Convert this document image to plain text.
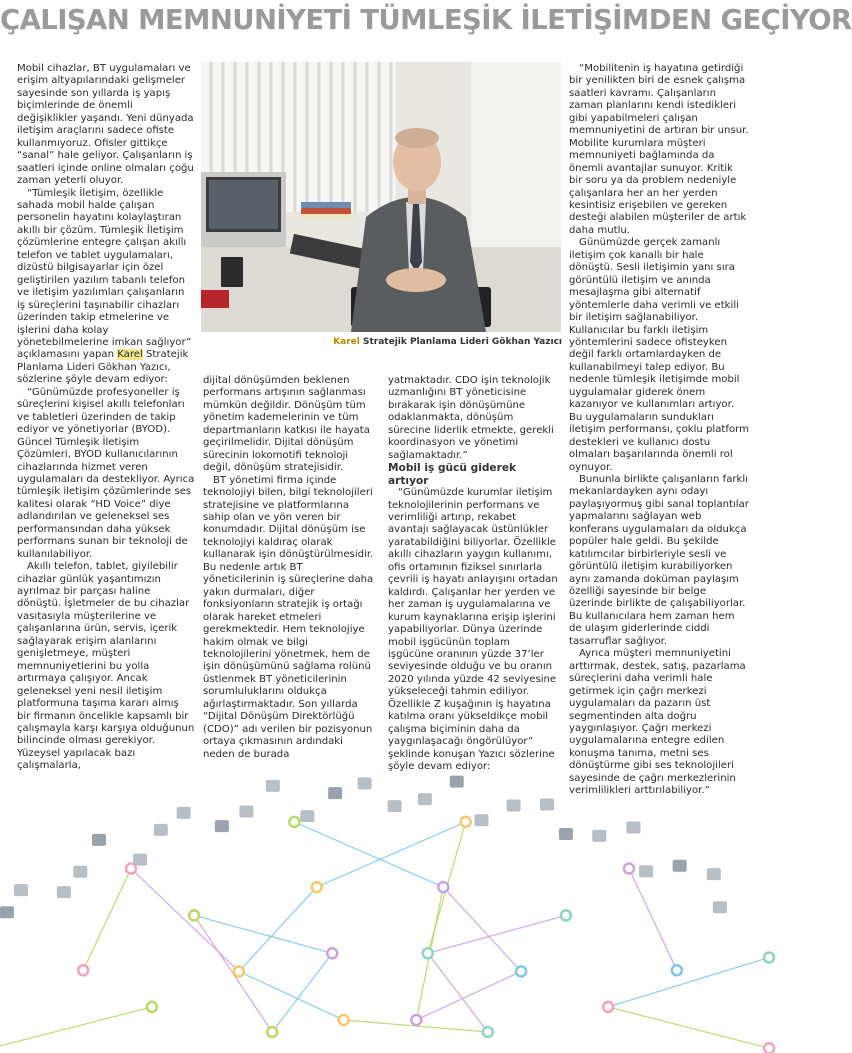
ÇALIŞAN MEMNUNİYETİ TÜMLEŞİK İLETİŞİMDEN GEÇİYOR

Mobil cihazlar, BT uygulamaları ve erişim altyapılarındaki gelişmeler sayesinde son yıllarda iş yapış biçimlerinde de önemli değişiklikler yaşandı. Yeni dünyada iletişim araçlarını sadece ofiste kullanmıyoruz. Ofisler gittikçe “sanal” hale geliyor. Çalışanların iş saatleri içinde online olmaları çoğu zaman yeterli oluyor.

“Tümleşik İletişim, özellikle sahada mobil halde çalışan personelin hayatını kolaylaştıran akıllı bir çözüm. Tümleşik İletişim çözümlerine entegre çalışan akıllı telefon ve tablet uygulamaları, dizüstü bilgisayarlar için özel geliştirilen yazılım tabanlı telefon ve iletişim yazılımları çalışanların iş süreçlerini taşınabilir cihazları üzerinden takip etmelerine ve işlerini daha kolay yönetebilmelerine imkan sağlıyor” açıklamasını yapan Karel Stratejik Planlama Lideri Gökhan Yazıcı, sözlerine şöyle devam ediyor:

“Günümüzde profesyoneller iş süreçlerini kişisel akıllı telefonları ve tabletleri üzerinden de takip ediyor ve yönetiyorlar (BYOD). Güncel Tümleşik İletişim Çözümleri, BYOD kullanıcılarının cihazlarında hizmet veren uygulamaları da destekliyor. Ayrıca tümleşik iletişim çözümlerinde ses kalitesi olarak “HD Voice” diye adlandırılan ve geleneksel ses performansından daha yüksek performans sunan bir teknoloji de kullanılabiliyor.

Akıllı telefon, tablet, giyilebilir cihazlar günlük yaşantımızın ayrılmaz bir parçası haline dönüştü. İşletmeler de bu cihazlar vasıtasıyla müşterilerine ve çalışanlarına ürün, servis, içerik sağlayarak erişim alanlarını genişletmeye, müşteri memnuniyetlerini bu yolla artırmaya çalışıyor. Ancak geleneksel yeni nesil iletişim platformuna taşıma kararı almış bir firmanın öncelikle kapsamlı bir çalışmayla karşı karşıya olduğunun bilincinde olması gerekiyor. Yüzeysel yapılacak bazı çalışmalarla,

Karel Stratejik Planlama Lideri Gökhan Yazıcı

dijital dönüşümden beklenen performans artışının sağlanması mümkün değildir. Dönüşüm tüm yönetim kademelerinin ve tüm departmanların katkısı ile hayata geçirilmelidir. Dijital dönüşüm sürecinin lokomotifi teknoloji değil, dönüşüm stratejisidir.

BT yönetimi firma içinde teknolojiyi bilen, bilgi teknolojileri stratejisine ve platformlarına sahip olan ve yön veren bir konumdadır. Dijital dönüşüm ise teknolojiyi kaldıraç olarak kullanarak işin dönüştürülmesidir. Bu nedenle artık BT yöneticilerinin iş süreçlerine daha yakın durmaları, diğer fonksiyonların stratejik iş ortağı olarak hareket etmeleri gerekmektedir. Hem teknolojiye hakim olmak ve bilgi teknolojilerini yönetmek, hem de işin dönüşümünü sağlama rolünü üstlenmek BT yöneticilerinin sorumluluklarını oldukça ağırlaştırmaktadır. Son yıllarda “Dijital Dönüşüm Direktörlüğü (CDO)” adı verilen bir pozisyonun ortaya çıkmasının ardındaki neden de burada

yatmaktadır. CDO işin teknolojik uzmanlığını BT yöneticisine bırakarak işin dönüşümüne odaklanmakta, dönüşüm sürecine liderlik etmekte, gerekli koordinasyon ve yönetimi sağlamaktadır.”

Mobil iş gücü giderek artıyor

“Günümüzde kurumlar iletişim teknolojilerinin performans ve verimliliği artırıp, rekabet avantajı sağlayacak üstünlükler yaratabildiğini biliyorlar. Özellikle akıllı cihazların yaygın kullanımı, ofis ortamının fiziksel sınırlarla çevrili iş hayatı anlayışını ortadan kaldırdı. Çalışanlar her yerden ve her zaman iş uygulamalarına ve kurum kaynaklarına erişip işlerini yapabiliyorlar. Dünya üzerinde mobil işgücünün toplam işgücüne oranının yüzde 37’ler seviyesinde olduğu ve bu oranın 2020 yılında yüzde 42 seviyesine yükseleceği tahmin ediliyor. Özellikle Z kuşağının iş hayatına katılma oranı yükseldikçe mobil çalışma biçiminin daha da yaygınlaşacağı öngörülüyor” şeklinde konuşan Yazıcı sözlerine şöyle devam ediyor:

“Mobilitenin iş hayatına getirdiği bir yenilikten biri de esnek çalışma saatleri kavramı. Çalışanların zaman planlarını kendi istedikleri gibi yapabilmeleri çalışan memnuniyetini de artıran bir unsur. Mobilite kurumlara müşteri memnuniyeti bağlamında da önemli avantajlar sunuyor. Kritik bir soru ya da problem nedeniyle çalışanlara her an her yerden kesintisiz erişebilen ve gereken desteği alabilen müşteriler de artık daha mutlu.

Günümüzde gerçek zamanlı iletişim çok kanallı bir hale dönüştü. Sesli iletişimin yanı sıra görüntülü iletişim ve anında mesajlaşma gibi alternatif yöntemlerle daha verimli ve etkili bir iletişim sağlanabiliyor. Kullanıcılar bu farklı iletişim yöntemlerini sadece ofisteyken değil farklı ortamlardayken de kullanabilmeyi talep ediyor. Bu nedenle tümleşik iletişimde mobil uygulamalar giderek önem kazanıyor ve kullanımları artıyor. Bu uygulamaların sundukları iletişim performansı, çoklu platform destekleri ve kullanıcı dostu olmaları başarılarında önemli rol oynuyor.

Bununla birlikte çalışanların farklı mekanlardayken aynı odayı paylaşıyormuş gibi sanal toplantılar yapmalarını sağlayan web konferans uygulamaları da oldukça popüler hale geldi. Bu şekilde katılımcılar birbirleriyle sesli ve görüntülü iletişim kurabiliyorken aynı zamanda doküman paylaşım özelliği sayesinde bir belge üzerinde birlikte de çalışabiliyorlar. Bu kullanıcılara hem zaman hem de ulaşım giderlerinde ciddi tasarruflar sağlıyor.

Ayrıca müşteri memnuniyetini arttırmak, destek, satış, pazarlama süreçlerini daha verimli hale getirmek için çağrı merkezi uygulamaları da pazarın üst segmentinden alta doğru yaygınlaşıyor. Çağrı merkezi uygulamalarına entegre edilen konuşma tanıma, metni ses dönüştürme gibi ses teknolojileri sayesinde de çağrı merkezlerinin verimlilikleri arttırılabiliyor.”
